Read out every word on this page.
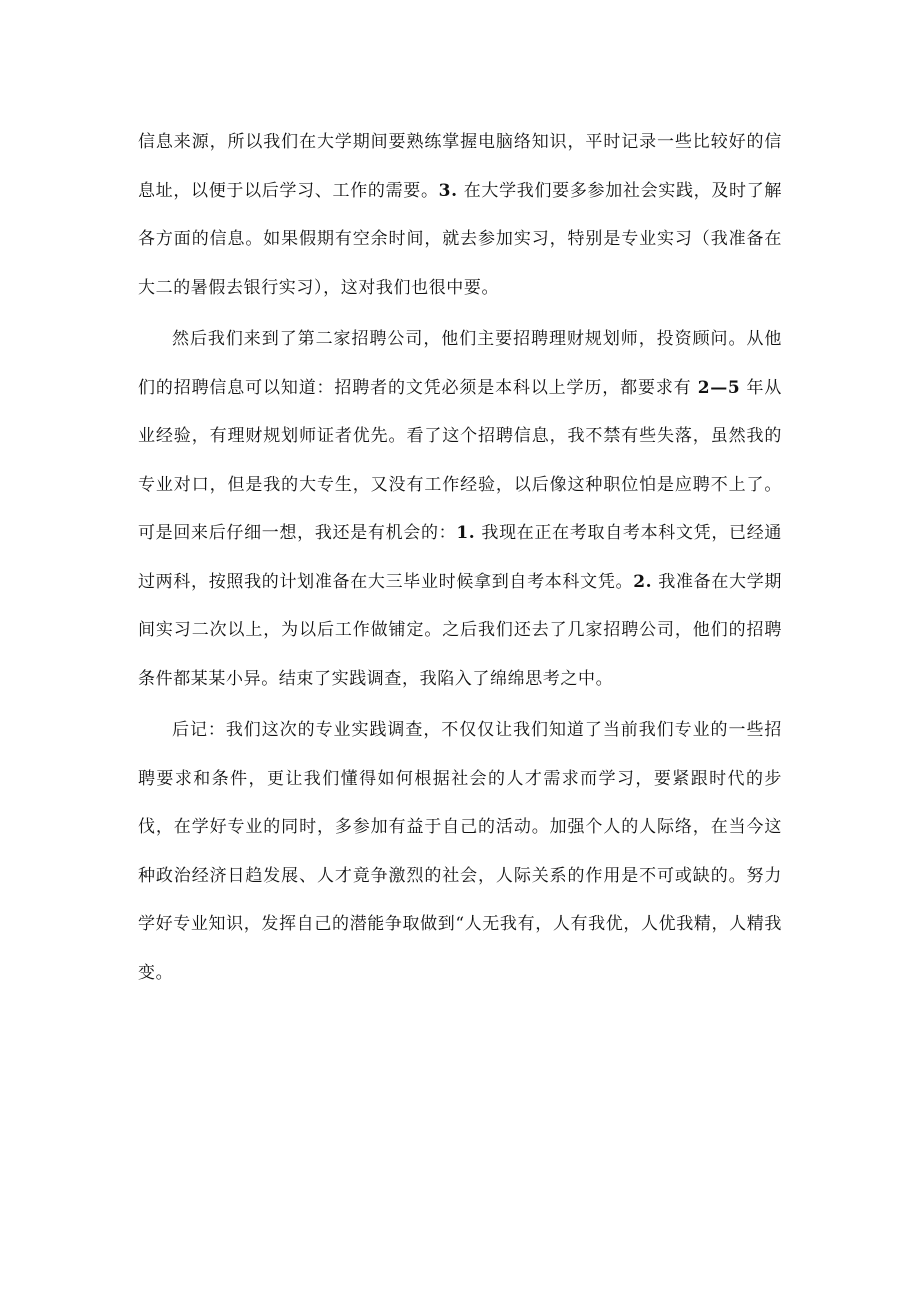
信息来源，所以我们在大学期间要熟练掌握电脑络知识，平时记录一些比较好的信息址，以便于以后学习、工作的需要。3. 在大学我们要多参加社会实践，及时了解各方面的信息。如果假期有空余时间，就去参加实习，特别是专业实习（我准备在大二的暑假去银行实习），这对我们也很中要。

然后我们来到了第二家招聘公司，他们主要招聘理财规划师，投资顾问。从他们的招聘信息可以知道：招聘者的文凭必须是本科以上学历，都要求有 2—5 年从业经验，有理财规划师证者优先。看了这个招聘信息，我不禁有些失落，虽然我的专业对口，但是我的大专生，又没有工作经验，以后像这种职位怕是应聘不上了。可是回来后仔细一想，我还是有机会的：1. 我现在正在考取自考本科文凭，已经通过两科，按照我的计划准备在大三毕业时候拿到自考本科文凭。2. 我准备在大学期间实习二次以上，为以后工作做铺定。之后我们还去了几家招聘公司，他们的招聘条件都某某小异。结束了实践调查，我陷入了绵绵思考之中。

后记：我们这次的专业实践调查，不仅仅让我们知道了当前我们专业的一些招聘要求和条件，更让我们懂得如何根据社会的人才需求而学习，要紧跟时代的步伐，在学好专业的同时，多参加有益于自己的活动。加强个人的人际络，在当今这种政治经济日趋发展、人才竟争激烈的社会，人际关系的作用是不可或缺的。努力学好专业知识，发挥自己的潜能争取做到“人无我有，人有我优，人优我精，人精我变。
